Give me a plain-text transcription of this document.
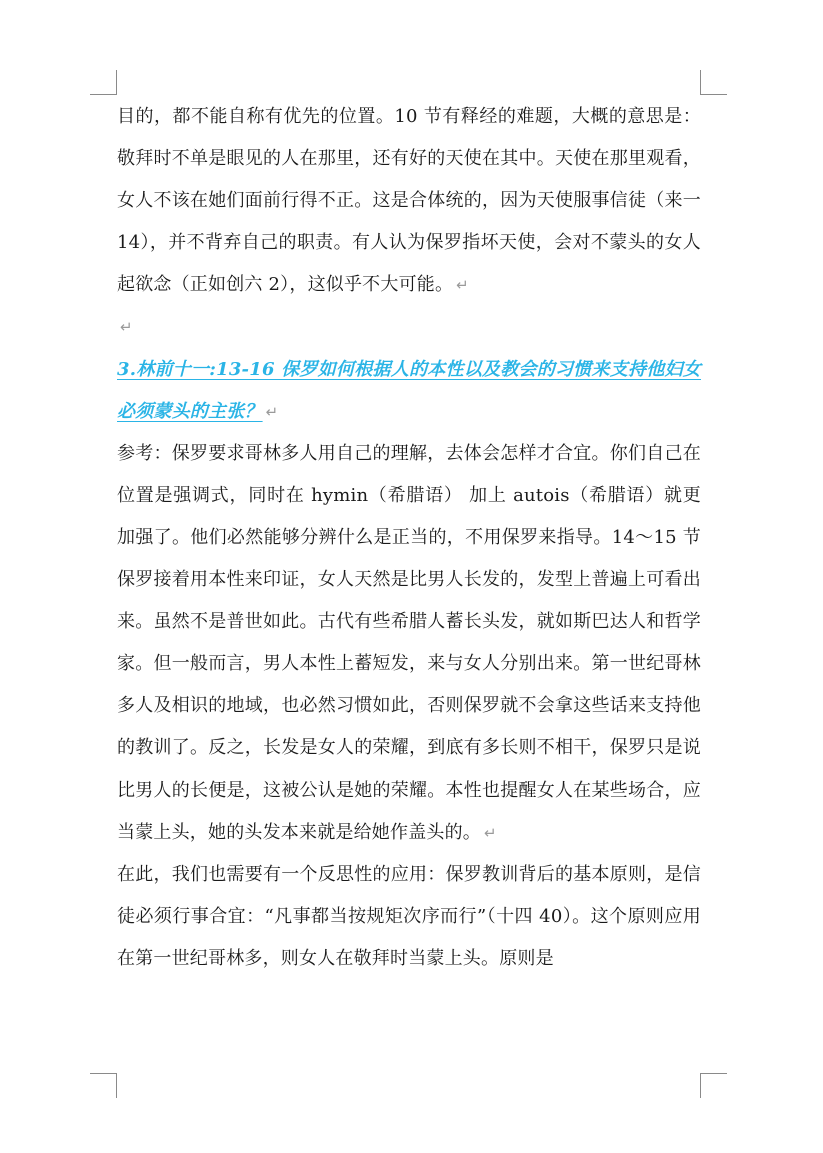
目的，都不能自称有优先的位置。10 节有释经的难题，大概的意思是：敬拜时不单是眼见的人在那里，还有好的天使在其中。天使在那里观看，女人不该在她们面前行得不正。这是合体统的，因为天使服事信徒（来一 14），并不背弃自己的职责。有人认为保罗指坏天使，会对不蒙头的女人起欲念（正如创六 2），这似乎不大可能。 ↵

↵

3.林前十一:13-16 保罗如何根据人的本性以及教会的习惯来支持他妇女必须蒙头的主张？ ↵

参考：保罗要求哥林多人用自己的理解，去体会怎样才合宜。你们自己在位置是强调式，同时在 hymin（希腊语） 加上 autois（希腊语）就更加强了。他们必然能够分辨什么是正当的，不用保罗来指导。14～15 节保罗接着用本性来印证，女人天然是比男人长发的，发型上普遍上可看出来。虽然不是普世如此。古代有些希腊人蓄长头发，就如斯巴达人和哲学家。但一般而言，男人本性上蓄短发，来与女人分别出来。第一世纪哥林多人及相识的地域，也必然习惯如此，否则保罗就不会拿这些话来支持他的教训了。反之，长发是女人的荣耀，到底有多长则不相干，保罗只是说比男人的长便是，这被公认是她的荣耀。本性也提醒女人在某些场合，应当蒙上头，她的头发本来就是给她作盖头的。 ↵

在此，我们也需要有一个反思性的应用：保罗教训背后的基本原则，是信徒必须行事合宜：“凡事都当按规矩次序而行”（十四 40）。这个原则应用在第一世纪哥林多，则女人在敬拜时当蒙上头。原则是
